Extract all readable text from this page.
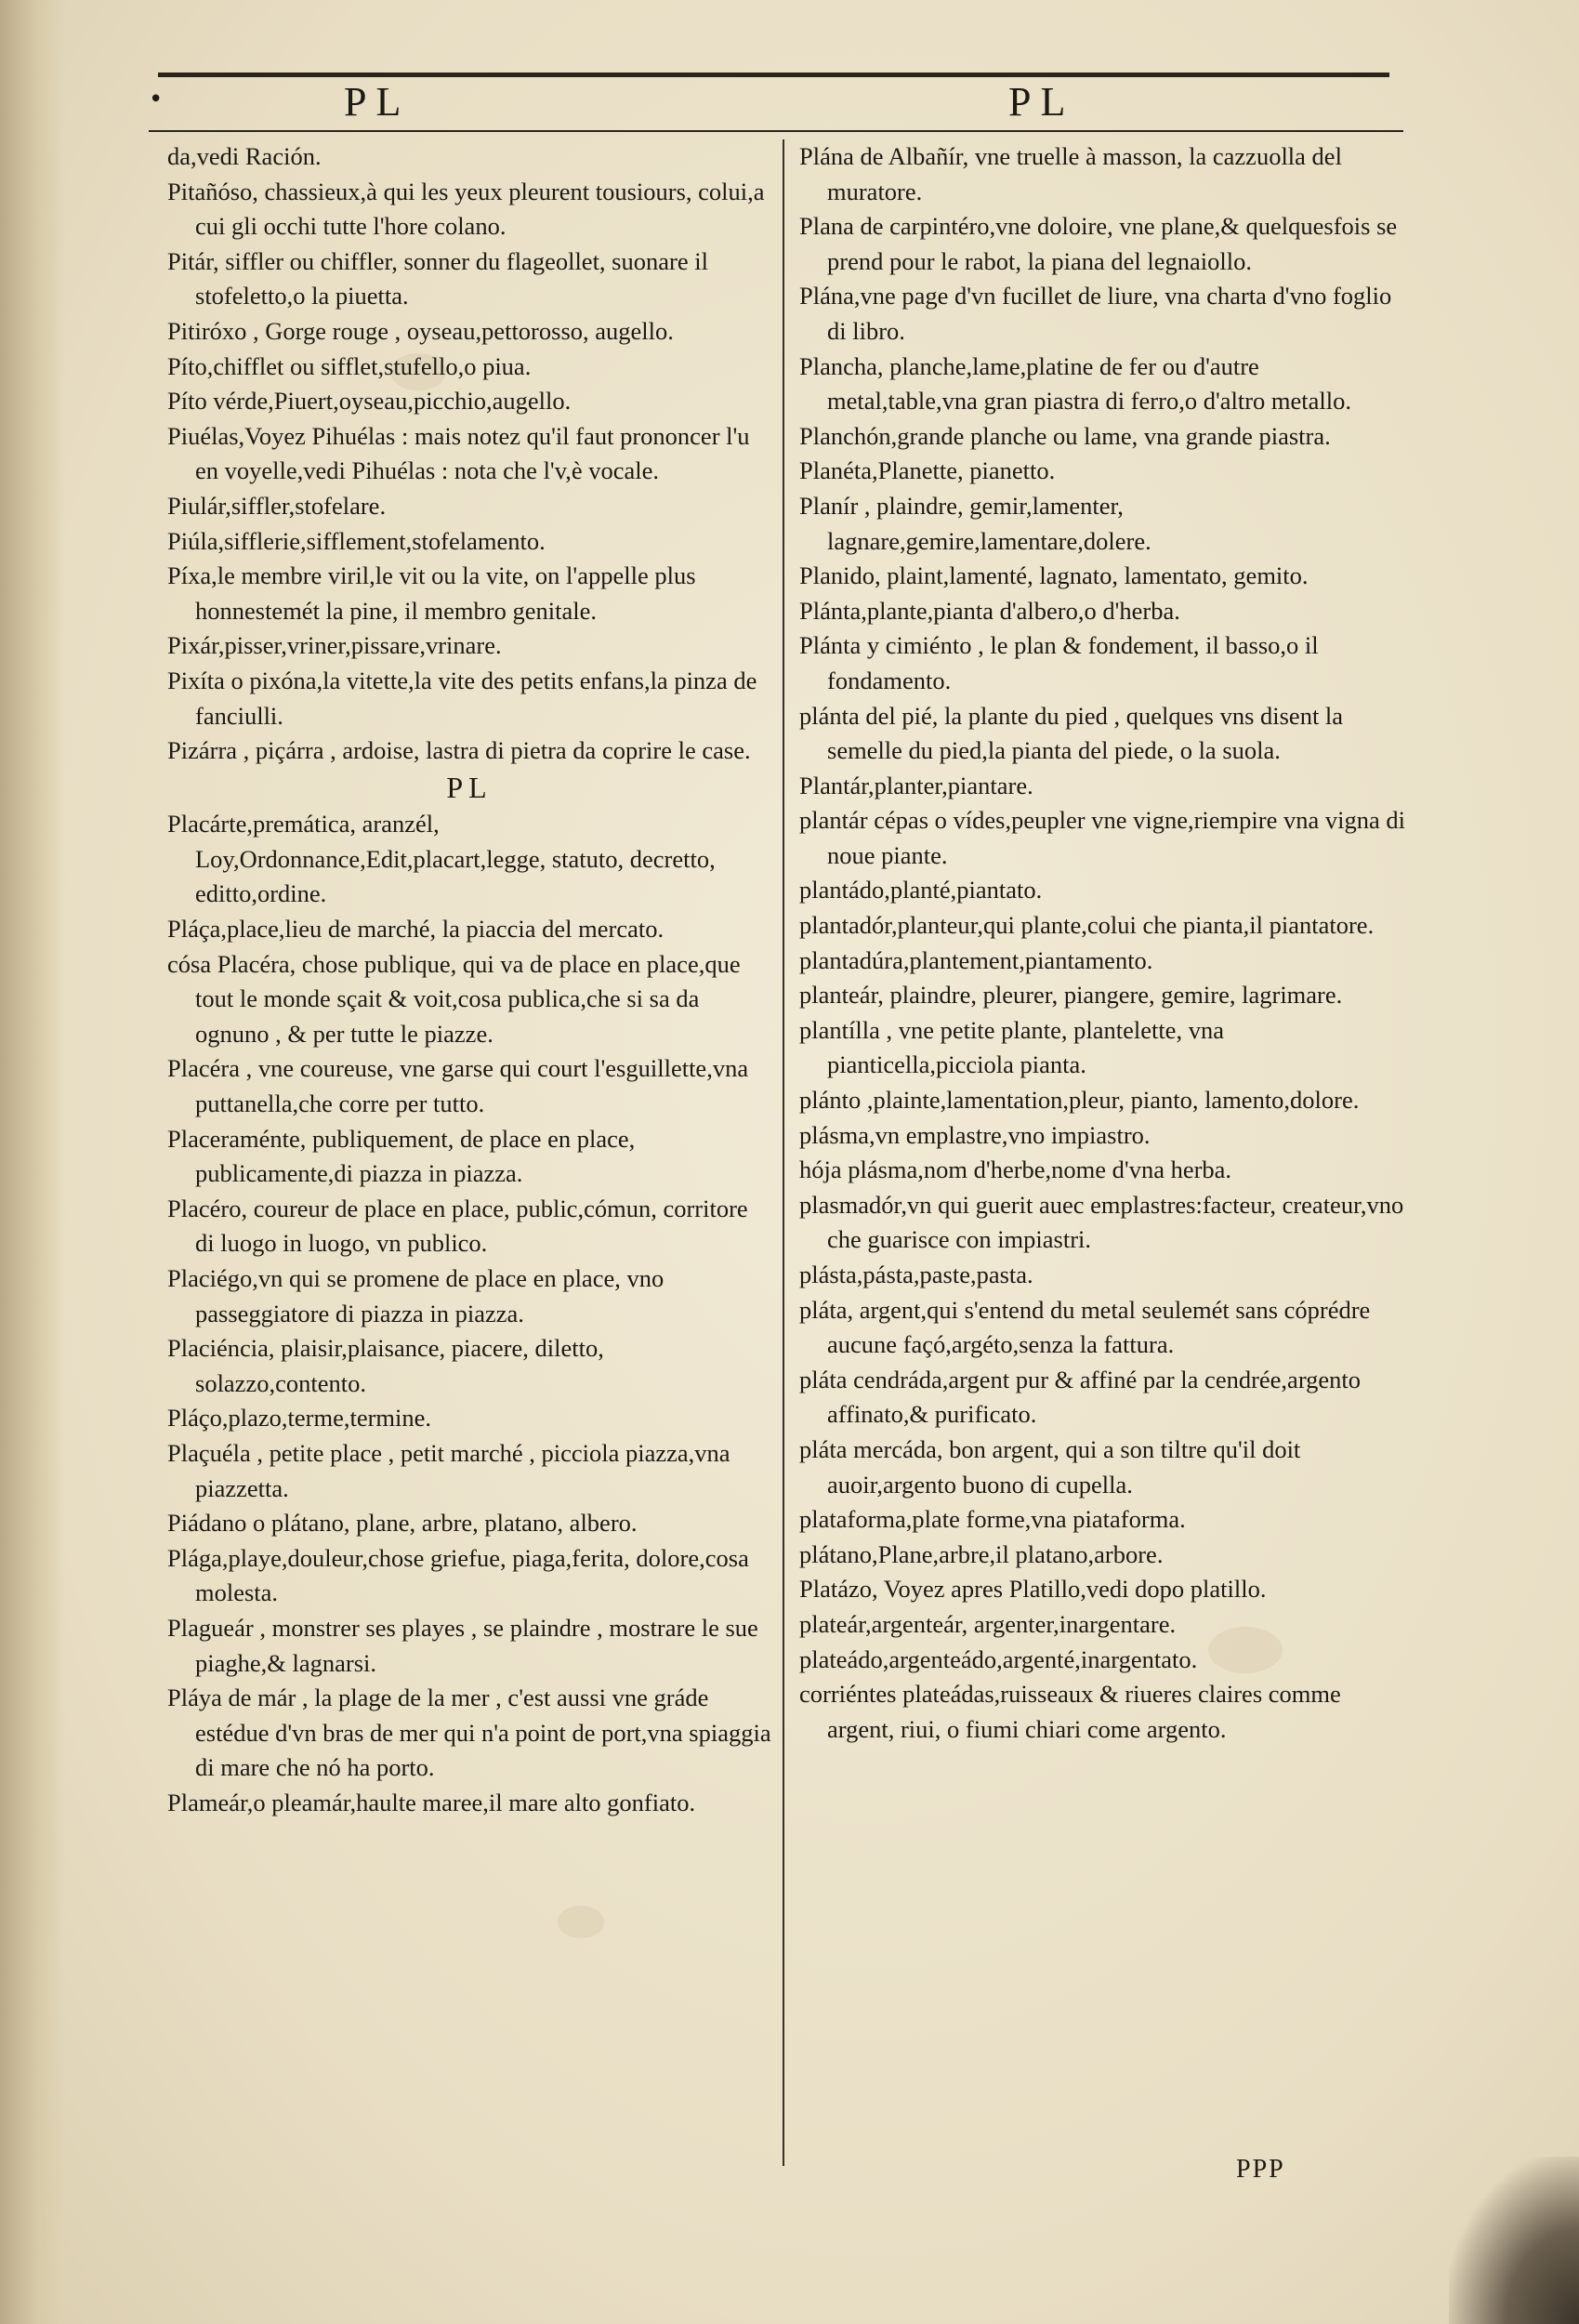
•	PL	PL

da,vedi Ración.

Pitañóso, chassieux,à qui les yeux pleurent tousiours, colui,a cui gli occhi tutte l'hore colano.

Pitár, siffler ou chiffler, sonner du flageollet, suonare il stofeletto,o la piuetta.

Pitiróxo , Gorge rouge , oyseau,pettorosso, augello.

Píto,chifflet ou sifflet,stufello,o piua.

Píto vérde,Piuert,oyseau,picchio,augello.

Piuélas,Voyez Pihuélas : mais notez qu'il faut prononcer l'u en voyelle,vedi Pihuélas : nota che l'v,è vocale.

Piulár,siffler,stofelare.

Piúla,sifflerie,sifflement,stofelamento.

Píxa,le membre viril,le vit ou la vite, on l'appelle plus honnestemét la pine, il membro genitale.

Pixár,pisser,vriner,pissare,vrinare.

Pixíta o pixóna,la vitette,la vite des petits enfans,la pinza de fanciulli.

Pizárra , piçárra , ardoise, lastra di pietra da coprire le case.

PL

Placárte,premática, aranzél, Loy,Ordonnance,Edit,placart,legge, statuto, decretto, editto,ordine.

Pláça,place,lieu de marché, la piaccia del mercato.

cósa Placéra, chose publique, qui va de place en place,que tout le monde sçait & voit,cosa publica,che si sa da ognuno , & per tutte le piazze.

Placéra , vne coureuse, vne garse qui court l'esguillette,vna puttanella,che corre per tutto.

Placeraménte, publiquement, de place en place, publicamente,di piazza in piazza.

Placéro, coureur de place en place, public,cómun, corritore di luogo in luogo, vn publico.

Placiégo,vn qui se promene de place en place, vno passeggiatore di piazza in piazza.

Placiéncia, plaisir,plaisance, piacere, diletto, solazzo,contento.

Pláço,plazo,terme,termine.

Plaçuéla , petite place , petit marché , picciola piazza,vna piazzetta.

Piádano o plátano, plane, arbre, platano, albero.

Plága,playe,douleur,chose griefue, piaga,ferita, dolore,cosa molesta.

Plagueár , monstrer ses playes , se plaindre , mostrare le sue piaghe,& lagnarsi.

Pláya de már , la plage de la mer , c'est aussi vne gráde estédue d'vn bras de mer qui n'a point de port,vna spiaggia di mare che nó ha porto.

Plameár,o pleamár,haulte maree,il mare alto gonfiato.

Plána de Albañír, vne truelle à masson, la cazzuolla del muratore.

Plana de carpintéro,vne doloire, vne plane,& quelquesfois se prend pour le rabot, la piana del legnaiollo.

Plána,vne page d'vn fucillet de liure, vna charta d'vno foglio di libro.

Plancha, planche,lame,platine de fer ou d'autre metal,table,vna gran piastra di ferro,o d'altro metallo.

Planchón,grande planche ou lame, vna grande piastra.

Planéta,Planette, pianetto.

Planír , plaindre, gemir,lamenter, lagnare,gemire,lamentare,dolere.

Planido, plaint,lamenté, lagnato, lamentato, gemito.

Plánta,plante,pianta d'albero,o d'herba.

Plánta y cimiénto , le plan & fondement, il basso,o il fondamento.

plánta del pié, la plante du pied , quelques vns disent la semelle du pied,la pianta del piede, o la suola.

Plantár,planter,piantare.

plantár cépas o vídes,peupler vne vigne,riempire vna vigna di noue piante.

plantádo,planté,piantato.

plantadór,planteur,qui plante,colui che pianta,il piantatore.

plantadúra,plantement,piantamento.

planteár, plaindre, pleurer, piangere, gemire, lagrimare.

plantílla , vne petite plante, plantelette, vna pianticella,picciola pianta.

plánto ,plainte,lamentation,pleur, pianto, lamento,dolore.

plásma,vn emplastre,vno impiastro.

hója plásma,nom d'herbe,nome d'vna herba.

plasmadór,vn qui guerit auec emplastres:facteur, createur,vno che guarisce con impiastri.

plásta,pásta,paste,pasta.

pláta, argent,qui s'entend du metal seulemét sans cóprédre aucune façó,argéto,senza la fattura.

pláta cendráda,argent pur & affiné par la cendrée,argento affinato,& purificato.

pláta mercáda, bon argent, qui a son tiltre qu'il doit auoir,argento buono di cupella.

plataforma,plate forme,vna piataforma.

plátano,Plane,arbre,il platano,arbore.

Platázo, Voyez apres Platillo,vedi dopo platillo.

plateár,argenteár, argenter,inargentare.

plateádo,argenteádo,argenté,inargentato.

corriéntes plateádas,ruisseaux & riueres claires comme argent, riui, o fiumi chiari come argento.

PPP
